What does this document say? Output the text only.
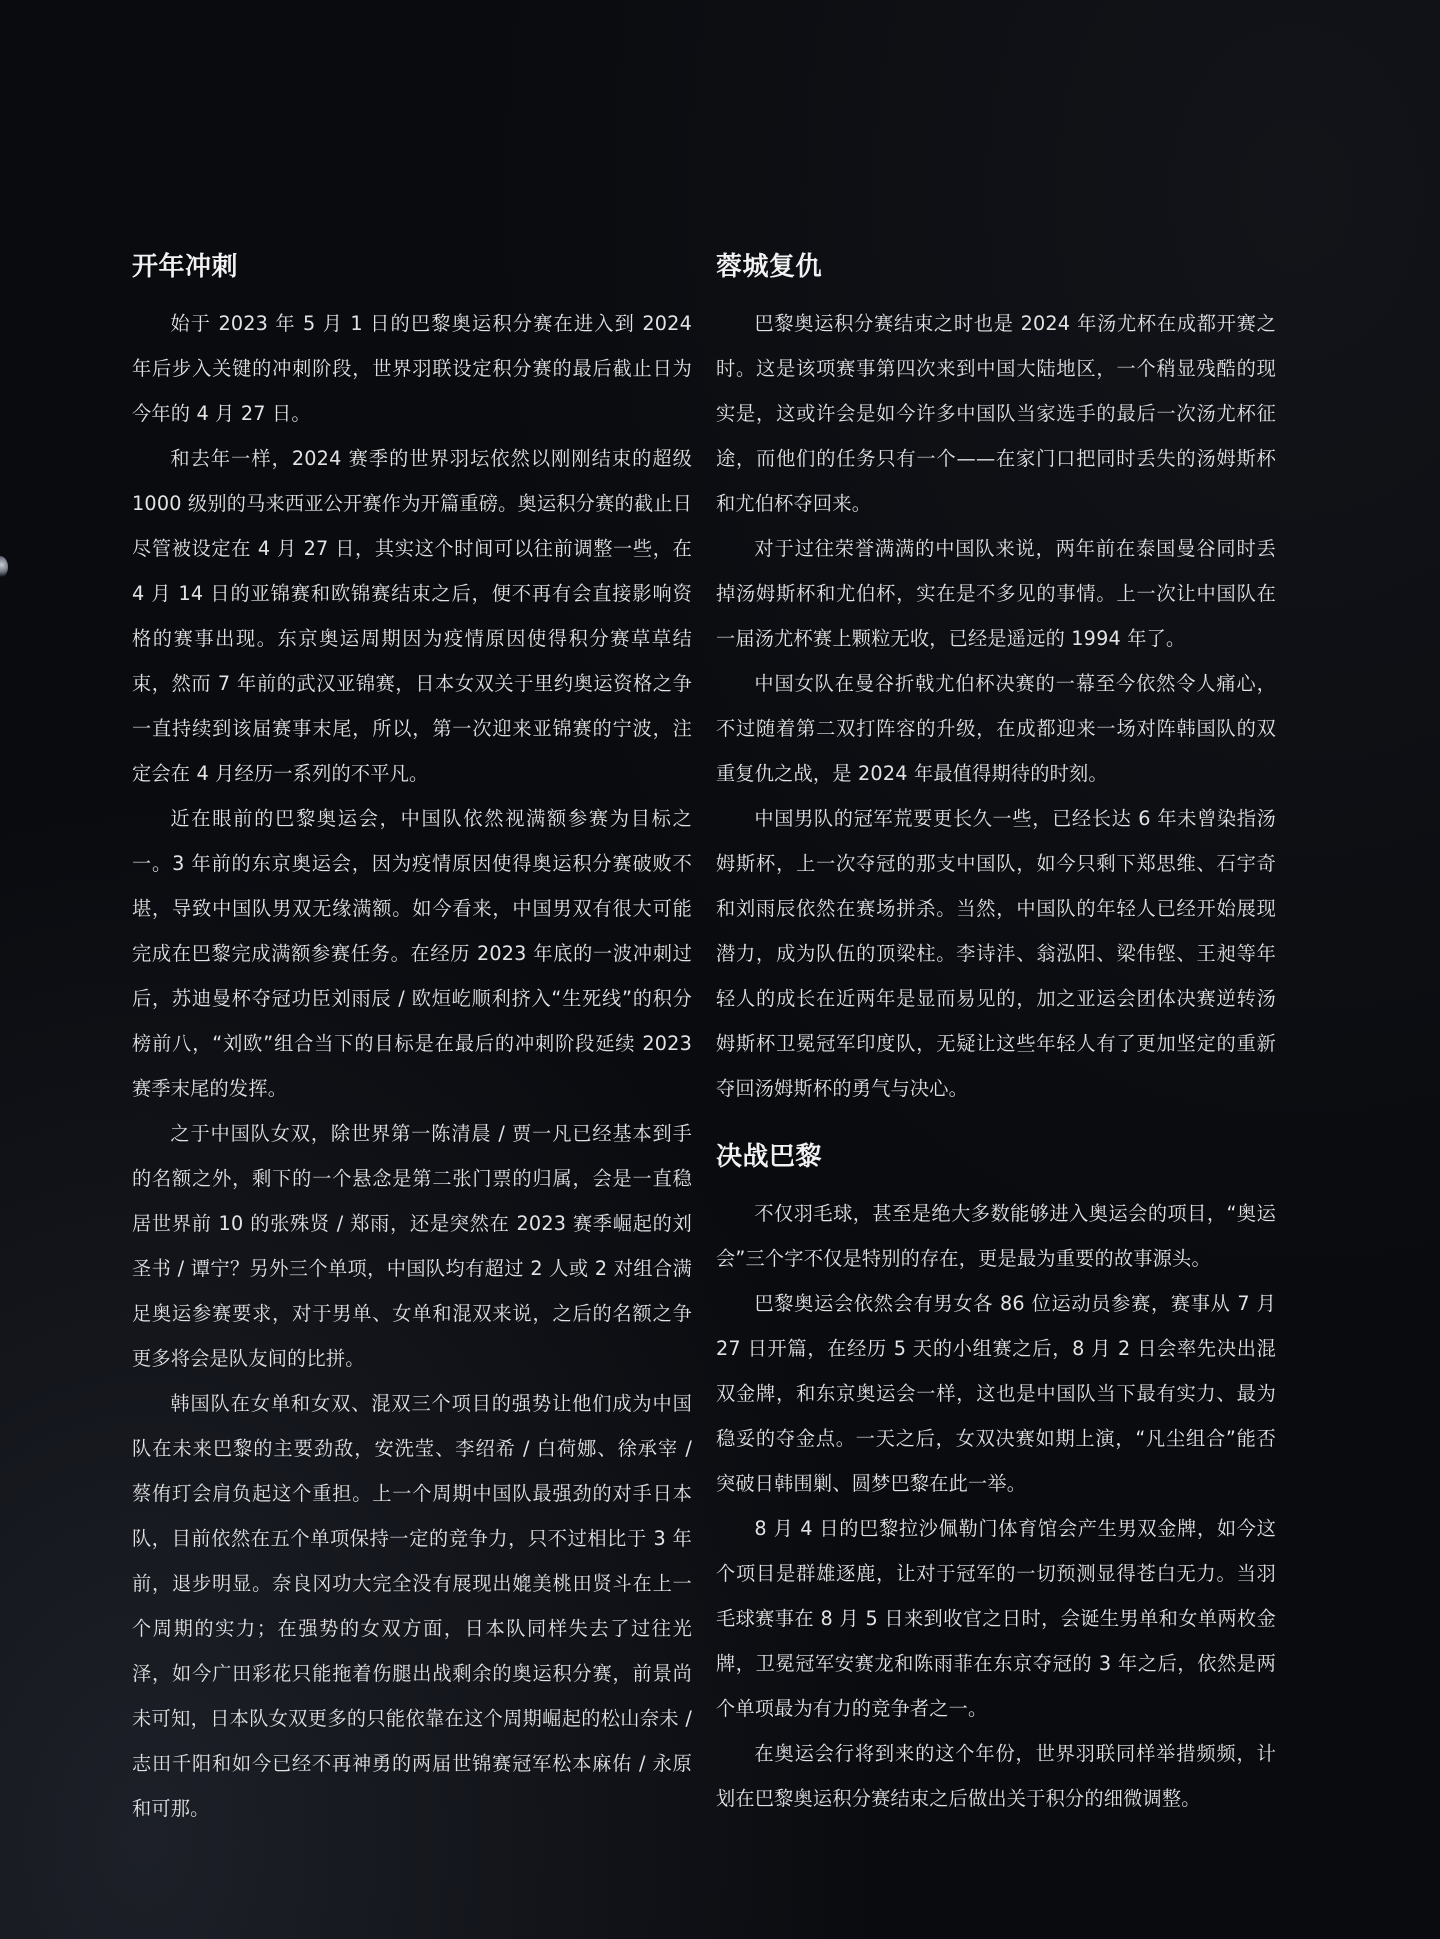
开年冲刺

始于 2023 年 5 月 1 日的巴黎奥运积分赛在进入到 2024 年后步入关键的冲刺阶段，世界羽联设定积分赛的最后截止日为今年的 4 月 27 日。

和去年一样，2024 赛季的世界羽坛依然以刚刚结束的超级 1000 级别的马来西亚公开赛作为开篇重磅。奥运积分赛的截止日尽管被设定在 4 月 27 日，其实这个时间可以往前调整一些，在 4 月 14 日的亚锦赛和欧锦赛结束之后，便不再有会直接影响资格的赛事出现。东京奥运周期因为疫情原因使得积分赛草草结束，然而 7 年前的武汉亚锦赛，日本女双关于里约奥运资格之争一直持续到该届赛事末尾，所以，第一次迎来亚锦赛的宁波，注定会在 4 月经历一系列的不平凡。

近在眼前的巴黎奥运会，中国队依然视满额参赛为目标之一。3 年前的东京奥运会，因为疫情原因使得奥运积分赛破败不堪，导致中国队男双无缘满额。如今看来，中国男双有很大可能完成在巴黎完成满额参赛任务。在经历 2023 年底的一波冲刺过后，苏迪曼杯夺冠功臣刘雨辰 / 欧烜屹顺利挤入“生死线”的积分榜前八，“刘欧”组合当下的目标是在最后的冲刺阶段延续 2023 赛季末尾的发挥。

之于中国队女双，除世界第一陈清晨 / 贾一凡已经基本到手的名额之外，剩下的一个悬念是第二张门票的归属，会是一直稳居世界前 10 的张殊贤 / 郑雨，还是突然在 2023 赛季崛起的刘圣书 / 谭宁？另外三个单项，中国队均有超过 2 人或 2 对组合满足奥运参赛要求，对于男单、女单和混双来说，之后的名额之争更多将会是队友间的比拼。

韩国队在女单和女双、混双三个项目的强势让他们成为中国队在未来巴黎的主要劲敌，安洗莹、李绍希 / 白荷娜、徐承宰 / 蔡侑玎会肩负起这个重担。上一个周期中国队最强劲的对手日本队，目前依然在五个单项保持一定的竞争力，只不过相比于 3 年前，退步明显。奈良冈功大完全没有展现出媲美桃田贤斗在上一个周期的实力；在强势的女双方面，日本队同样失去了过往光泽，如今广田彩花只能拖着伤腿出战剩余的奥运积分赛，前景尚未可知，日本队女双更多的只能依靠在这个周期崛起的松山奈未 / 志田千阳和如今已经不再神勇的两届世锦赛冠军松本麻佑 / 永原和可那。

蓉城复仇

巴黎奥运积分赛结束之时也是 2024 年汤尤杯在成都开赛之时。这是该项赛事第四次来到中国大陆地区，一个稍显残酷的现实是，这或许会是如今许多中国队当家选手的最后一次汤尤杯征途，而他们的任务只有一个——在家门口把同时丢失的汤姆斯杯和尤伯杯夺回来。

对于过往荣誉满满的中国队来说，两年前在泰国曼谷同时丢掉汤姆斯杯和尤伯杯，实在是不多见的事情。上一次让中国队在一届汤尤杯赛上颗粒无收，已经是遥远的 1994 年了。

中国女队在曼谷折戟尤伯杯决赛的一幕至今依然令人痛心，不过随着第二双打阵容的升级，在成都迎来一场对阵韩国队的双重复仇之战，是 2024 年最值得期待的时刻。

中国男队的冠军荒要更长久一些，已经长达 6 年未曾染指汤姆斯杯，上一次夺冠的那支中国队，如今只剩下郑思维、石宇奇和刘雨辰依然在赛场拼杀。当然，中国队的年轻人已经开始展现潜力，成为队伍的顶梁柱。李诗沣、翁泓阳、梁伟铿、王昶等年轻人的成长在近两年是显而易见的，加之亚运会团体决赛逆转汤姆斯杯卫冕冠军印度队，无疑让这些年轻人有了更加坚定的重新夺回汤姆斯杯的勇气与决心。

决战巴黎

不仅羽毛球，甚至是绝大多数能够进入奥运会的项目，“奥运会”三个字不仅是特别的存在，更是最为重要的故事源头。

巴黎奥运会依然会有男女各 86 位运动员参赛，赛事从 7 月 27 日开篇，在经历 5 天的小组赛之后，8 月 2 日会率先决出混双金牌，和东京奥运会一样，这也是中国队当下最有实力、最为稳妥的夺金点。一天之后，女双决赛如期上演，“凡尘组合”能否突破日韩围剿、圆梦巴黎在此一举。

8 月 4 日的巴黎拉沙佩勒门体育馆会产生男双金牌，如今这个项目是群雄逐鹿，让对于冠军的一切预测显得苍白无力。当羽毛球赛事在 8 月 5 日来到收官之日时，会诞生男单和女单两枚金牌，卫冕冠军安赛龙和陈雨菲在东京夺冠的 3 年之后，依然是两个单项最为有力的竞争者之一。

在奥运会行将到来的这个年份，世界羽联同样举措频频，计划在巴黎奥运积分赛结束之后做出关于积分的细微调整。
